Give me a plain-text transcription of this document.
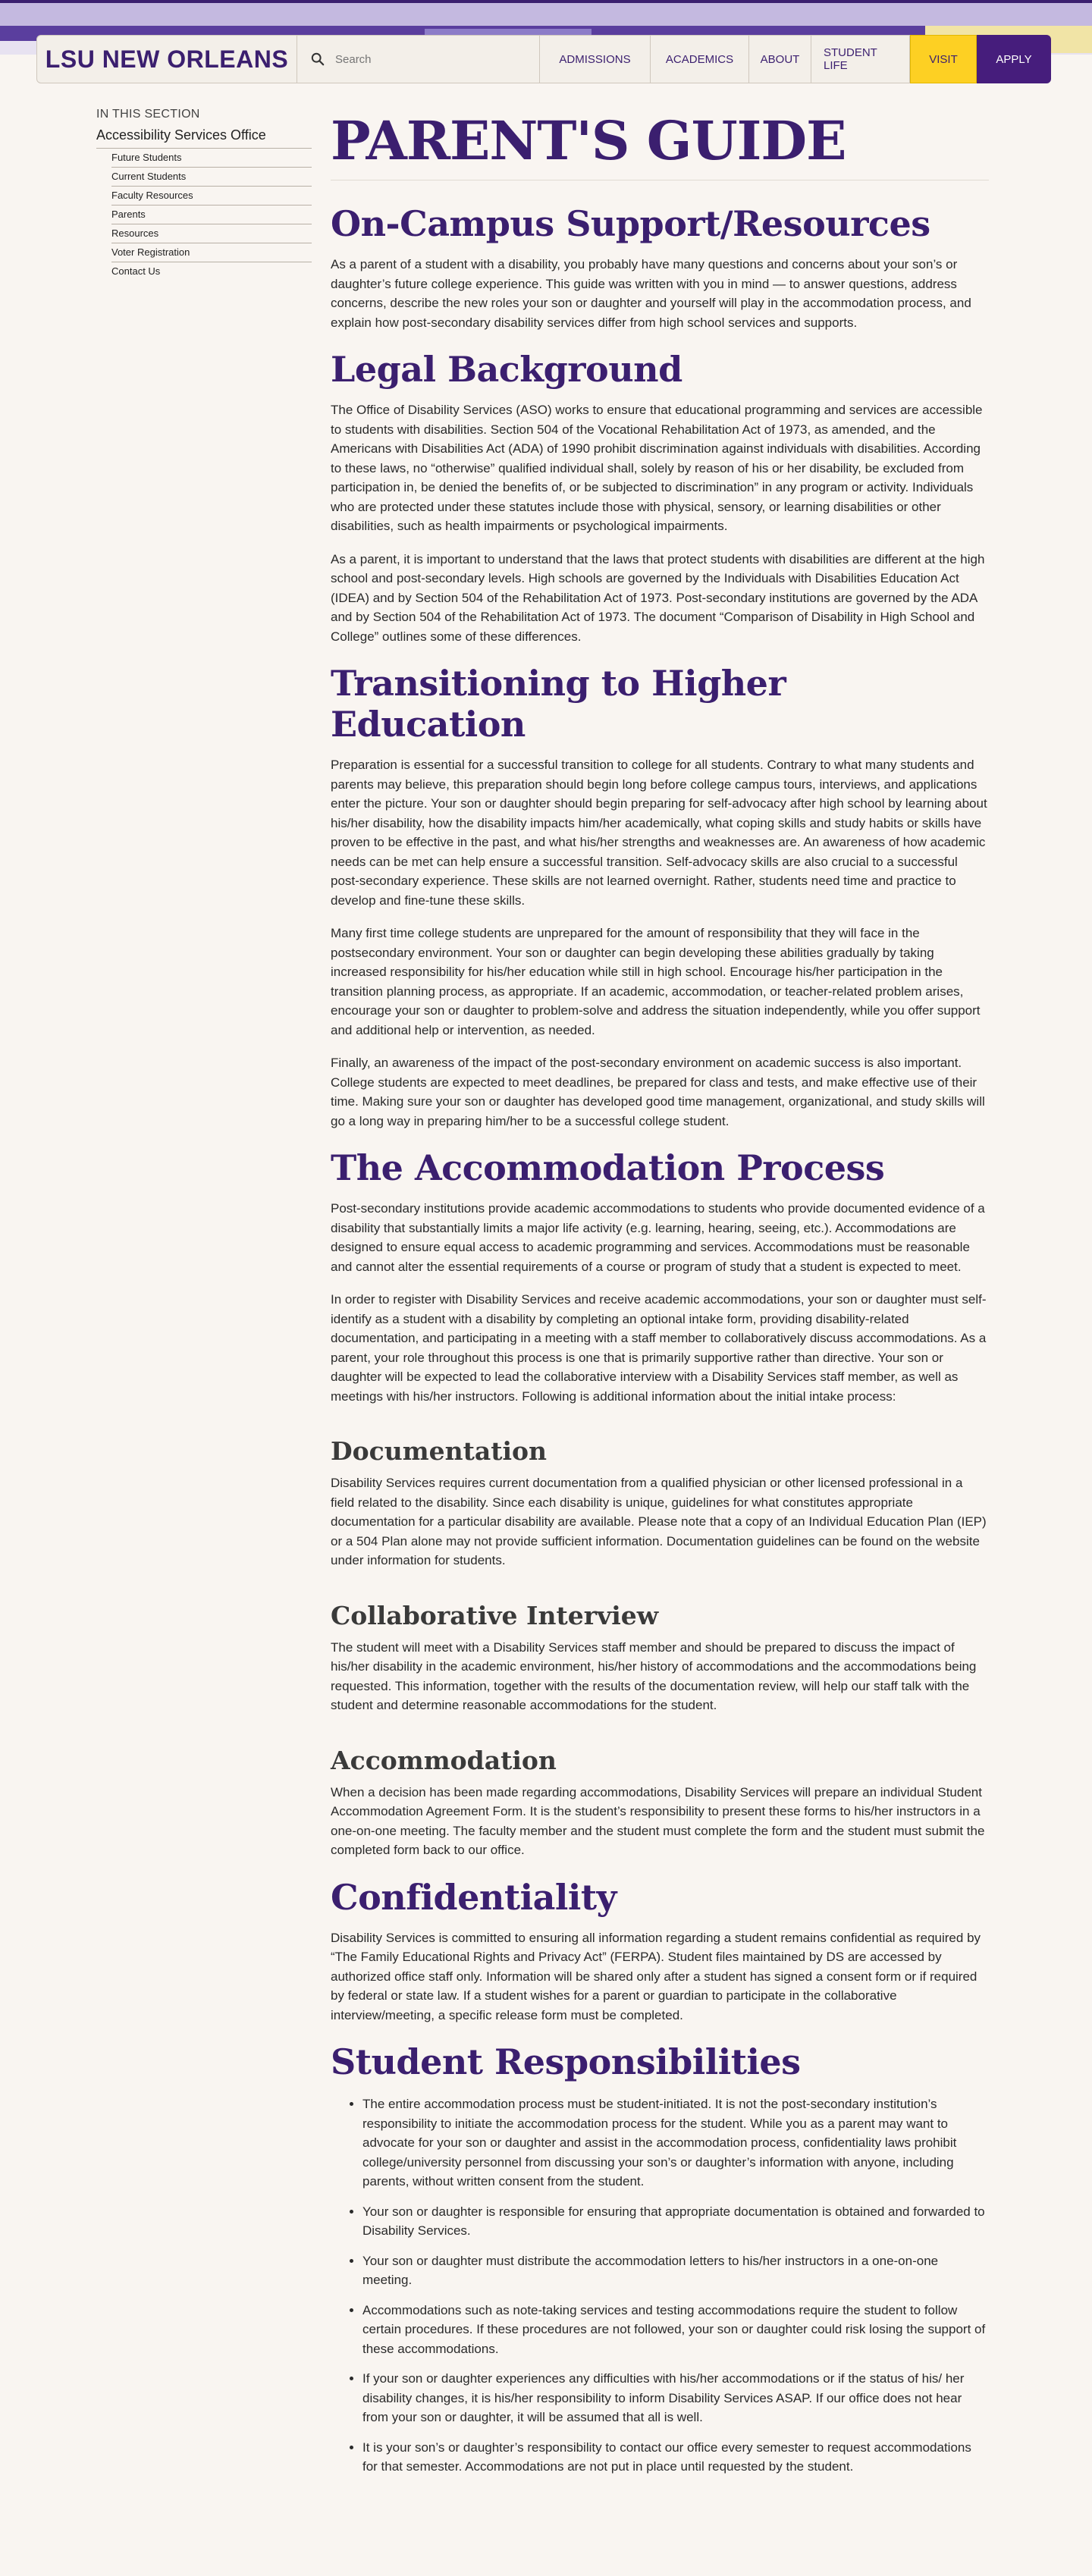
LSU NEW ORLEANS
Search	ADMISSIONS	ACADEMICS	ABOUT	STUDENT LIFE	VISIT	APPLY
IN THIS SECTION
Accessibility Services Office
Future Students
Current Students
Faculty Resources
Parents
Resources
Voter Registration
Contact Us
PARENT'S GUIDE
On-Campus Support/Resources

As a parent of a student with a disability, you probably have many questions and concerns about your son’s or daughter’s future college experience. This guide was written with you in mind — to answer questions, address concerns, describe the new roles your son or daughter and yourself will play in the accommodation process, and explain how post-secondary disability services differ from high school services and supports.

Legal Background

The Office of Disability Services (ASO) works to ensure that educational programming and services are accessible to students with disabilities. Section 504 of the Vocational Rehabilitation Act of 1973, as amended, and the Americans with Disabilities Act (ADA) of 1990 prohibit discrimination against individuals with disabilities. According to these laws, no “otherwise” qualified individual shall, solely by reason of his or her disability, be excluded from participation in, be denied the benefits of, or be subjected to discrimination” in any program or activity. Individuals who are protected under these statutes include those with physical, sensory, or learning disabilities or other disabilities, such as health impairments or psychological impairments.

As a parent, it is important to understand that the laws that protect students with disabilities are different at the high school and post-secondary levels. High schools are governed by the Individuals with Disabilities Education Act (IDEA) and by Section 504 of the Rehabilitation Act of 1973. Post-secondary institutions are governed by the ADA and by Section 504 of the Rehabilitation Act of 1973. The document “Comparison of Disability in High School and College” outlines some of these differences.

Transitioning to Higher Education

Preparation is essential for a successful transition to college for all students. Contrary to what many students and parents may believe, this preparation should begin long before college campus tours, interviews, and applications enter the picture. Your son or daughter should begin preparing for self-advocacy after high school by learning about his/her disability, how the disability impacts him/her academically, what coping skills and study habits or skills have proven to be effective in the past, and what his/her strengths and weaknesses are. An awareness of how academic needs can be met can help ensure a successful transition. Self-advocacy skills are also crucial to a successful post-secondary experience. These skills are not learned overnight. Rather, students need time and practice to develop and fine-tune these skills.

Many first time college students are unprepared for the amount of responsibility that they will face in the postsecondary environment. Your son or daughter can begin developing these abilities gradually by taking increased responsibility for his/her education while still in high school. Encourage his/her participation in the transition planning process, as appropriate. If an academic, accommodation, or teacher-related problem arises, encourage your son or daughter to problem-solve and address the situation independently, while you offer support and additional help or intervention, as needed.

Finally, an awareness of the impact of the post-secondary environment on academic success is also important. College students are expected to meet deadlines, be prepared for class and tests, and make effective use of their time. Making sure your son or daughter has developed good time management, organizational, and study skills will go a long way in preparing him/her to be a successful college student.

The Accommodation Process

Post-secondary institutions provide academic accommodations to students who provide documented evidence of a disability that substantially limits a major life activity (e.g. learning, hearing, seeing, etc.). Accommodations are designed to ensure equal access to academic programming and services. Accommodations must be reasonable and cannot alter the essential requirements of a course or program of study that a student is expected to meet.

In order to register with Disability Services and receive academic accommodations, your son or daughter must self-identify as a student with a disability by completing an optional intake form, providing disability-related documentation, and participating in a meeting with a staff member to collaboratively discuss accommodations. As a parent, your role throughout this process is one that is primarily supportive rather than directive. Your son or daughter will be expected to lead the collaborative interview with a Disability Services staff member, as well as meetings with his/her instructors. Following is additional information about the initial intake process:

Documentation

Disability Services requires current documentation from a qualified physician or other licensed professional in a field related to the disability. Since each disability is unique, guidelines for what constitutes appropriate documentation for a particular disability are available. Please note that a copy of an Individual Education Plan (IEP) or a 504 Plan alone may not provide sufficient information. Documentation guidelines can be found on the website under information for students.

Collaborative Interview

The student will meet with a Disability Services staff member and should be prepared to discuss the impact of his/her disability in the academic environment, his/her history of accommodations and the accommodations being requested. This information, together with the results of the documentation review, will help our staff talk with the student and determine reasonable accommodations for the student.

Accommodation

When a decision has been made regarding accommodations, Disability Services will prepare an individual Student Accommodation Agreement Form. It is the student’s responsibility to present these forms to his/her instructors in a one-on-one meeting. The faculty member and the student must complete the form and the student must submit the completed form back to our office.

Confidentiality

Disability Services is committed to ensuring all information regarding a student remains confidential as required by “The Family Educational Rights and Privacy Act” (FERPA). Student files maintained by DS are accessed by authorized office staff only. Information will be shared only after a student has signed a consent form or if required by federal or state law. If a student wishes for a parent or guardian to participate in the collaborative interview/meeting, a specific release form must be completed.

Student Responsibilities
• The entire accommodation process must be student-initiated. It is not the post-secondary institution’s responsibility to initiate the accommodation process for the student. While you as a parent may want to advocate for your son or daughter and assist in the accommodation process, confidentiality laws prohibit college/university personnel from discussing your son’s or daughter’s information with anyone, including parents, without written consent from the student.
• Your son or daughter is responsible for ensuring that appropriate documentation is obtained and forwarded to Disability Services.
• Your son or daughter must distribute the accommodation letters to his/her instructors in a one-on-one meeting.
• Accommodations such as note-taking services and testing accommodations require the student to follow certain procedures. If these procedures are not followed, your son or daughter could risk losing the support of these accommodations.
• If your son or daughter experiences any difficulties with his/her accommodations or if the status of his/ her disability changes, it is his/her responsibility to inform Disability Services ASAP. If our office does not hear from your son or daughter, it will be assumed that all is well.
• It is your son’s or daughter’s responsibility to contact our office every semester to request accommodations for that semester. Accommodations are not put in place until requested by the student.
